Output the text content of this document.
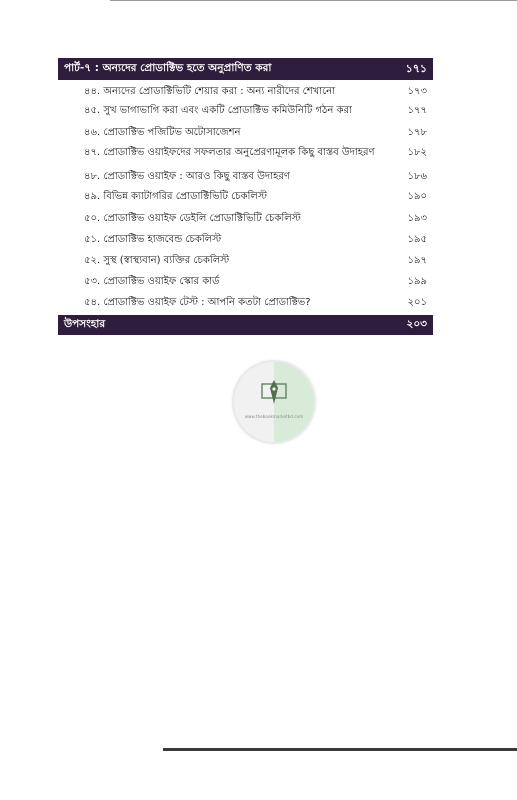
পার্ট-৭ : অন্যদের প্রোডাক্টিভ হতে অনুপ্রাণিত করা	১৭১
৪৪. অন্যদের প্রোডাক্টিভিটি শেয়ার করা : অন্য নারীদের শেখানো	১৭৩
৪৫. সুখ ভাগাভাগি করা এবং একটি প্রোডাক্টিভ কমিউনিটি গঠন করা	১৭৭
৪৬. প্রোডাক্টিভ পজিটিভ অটোসাজেশন	১৭৮
৪৭. প্রোডাক্টিভ ওয়াইফদের সফলতার অনুপ্রেরণামূলক কিছু বাস্তব উদাহরণ	১৮২
৪৮. প্রোডাক্টিভ ওয়াইফ : আরও কিছু বাস্তব উদাহরণ	১৮৬
৪৯. বিভিন্ন ক্যাটাগরির প্রোডাক্টিভিটি চেকলিস্ট	১৯০
৫০. প্রোডাক্টিভ ওয়াইফ ডেইলি প্রোডাক্টিভিটি চেকলিস্ট	১৯৩
৫১. প্রোডাক্টিভ হাজবেন্ড চেকলিস্ট	১৯৫
৫২. সুস্থ (স্বাস্থ্যবান) ব্যক্তির চেকলিস্ট	১৯৭
৫৩. প্রোডাক্টিভ ওয়াইফ স্কোর কার্ড	১৯৯
৫৪. প্রোডাক্টিভ ওয়াইফ টেস্ট : আপনি কতটা প্রোডাক্টিভ?	২০১
উপসংহার	২০৩
www.thebookmarketbd.com
